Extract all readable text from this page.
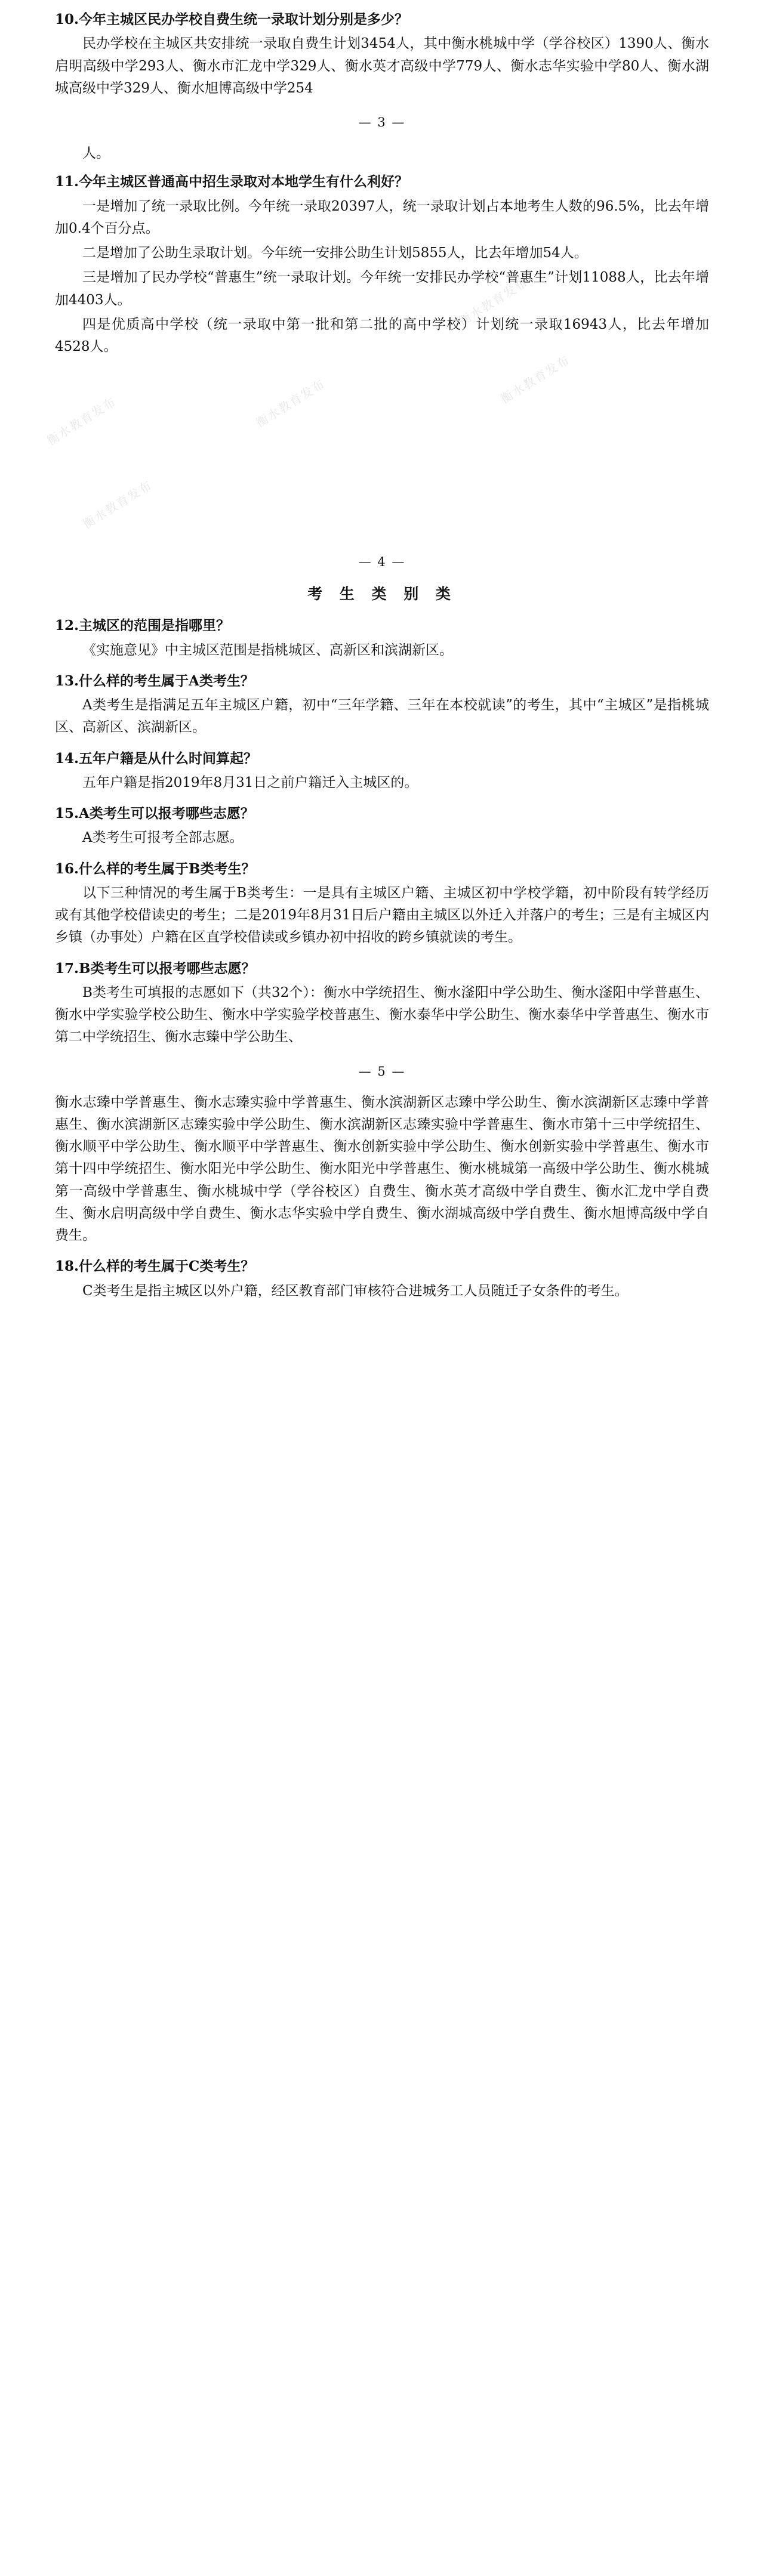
衡水教育发布
衡水教育发布
衡水教育发布
衡水教育发布
衡水教育发布
10.今年主城区民办学校自费生统一录取计划分别是多少？
民办学校在主城区共安排统一录取自费生计划3454人，其中衡水桃城中学（学谷校区）1390人、衡水启明高级中学293人、衡水市汇龙中学329人、衡水英才高级中学779人、衡水志华实验中学80人、衡水湖城高级中学329人、衡水旭博高级中学254
— 3 —
人。
11.今年主城区普通高中招生录取对本地学生有什么利好？
一是增加了统一录取比例。今年统一录取20397人，统一录取计划占本地考生人数的96.5%，比去年增加0.4个百分点。
二是增加了公助生录取计划。今年统一安排公助生计划5855人，比去年增加54人。
三是增加了民办学校“普惠生”统一录取计划。今年统一安排民办学校“普惠生”计划11088人，比去年增加4403人。
四是优质高中学校（统一录取中第一批和第二批的高中学校）计划统一录取16943人，比去年增加4528人。
— 4 —
考 生 类 别 类
12.主城区的范围是指哪里？
《实施意见》中主城区范围是指桃城区、高新区和滨湖新区。
13.什么样的考生属于A类考生？
A类考生是指满足五年主城区户籍，初中“三年学籍、三年在本校就读”的考生，其中“主城区”是指桃城区、高新区、滨湖新区。
14.五年户籍是从什么时间算起？
五年户籍是指2019年8月31日之前户籍迁入主城区的。
15.A类考生可以报考哪些志愿？
A类考生可报考全部志愿。
16.什么样的考生属于B类考生？
以下三种情况的考生属于B类考生：一是具有主城区户籍、主城区初中学校学籍，初中阶段有转学经历或有其他学校借读史的考生；二是2019年8月31日后户籍由主城区以外迁入并落户的考生；三是有主城区内乡镇（办事处）户籍在区直学校借读或乡镇办初中招收的跨乡镇就读的考生。
17.B类考生可以报考哪些志愿？
B类考生可填报的志愿如下（共32个）：衡水中学统招生、衡水滏阳中学公助生、衡水滏阳中学普惠生、衡水中学实验学校公助生、衡水中学实验学校普惠生、衡水泰华中学公助生、衡水泰华中学普惠生、衡水市第二中学统招生、衡水志臻中学公助生、
— 5 —
衡水志臻中学普惠生、衡水志臻实验中学普惠生、衡水滨湖新区志臻中学公助生、衡水滨湖新区志臻中学普惠生、衡水滨湖新区志臻实验中学公助生、衡水滨湖新区志臻实验中学普惠生、衡水市第十三中学统招生、衡水顺平中学公助生、衡水顺平中学普惠生、衡水创新实验中学公助生、衡水创新实验中学普惠生、衡水市第十四中学统招生、衡水阳光中学公助生、衡水阳光中学普惠生、衡水桃城第一高级中学公助生、衡水桃城第一高级中学普惠生、衡水桃城中学（学谷校区）自费生、衡水英才高级中学自费生、衡水汇龙中学自费生、衡水启明高级中学自费生、衡水志华实验中学自费生、衡水湖城高级中学自费生、衡水旭博高级中学自费生。
18.什么样的考生属于C类考生？
C类考生是指主城区以外户籍，经区教育部门审核符合进城务工人员随迁子女条件的考生。
